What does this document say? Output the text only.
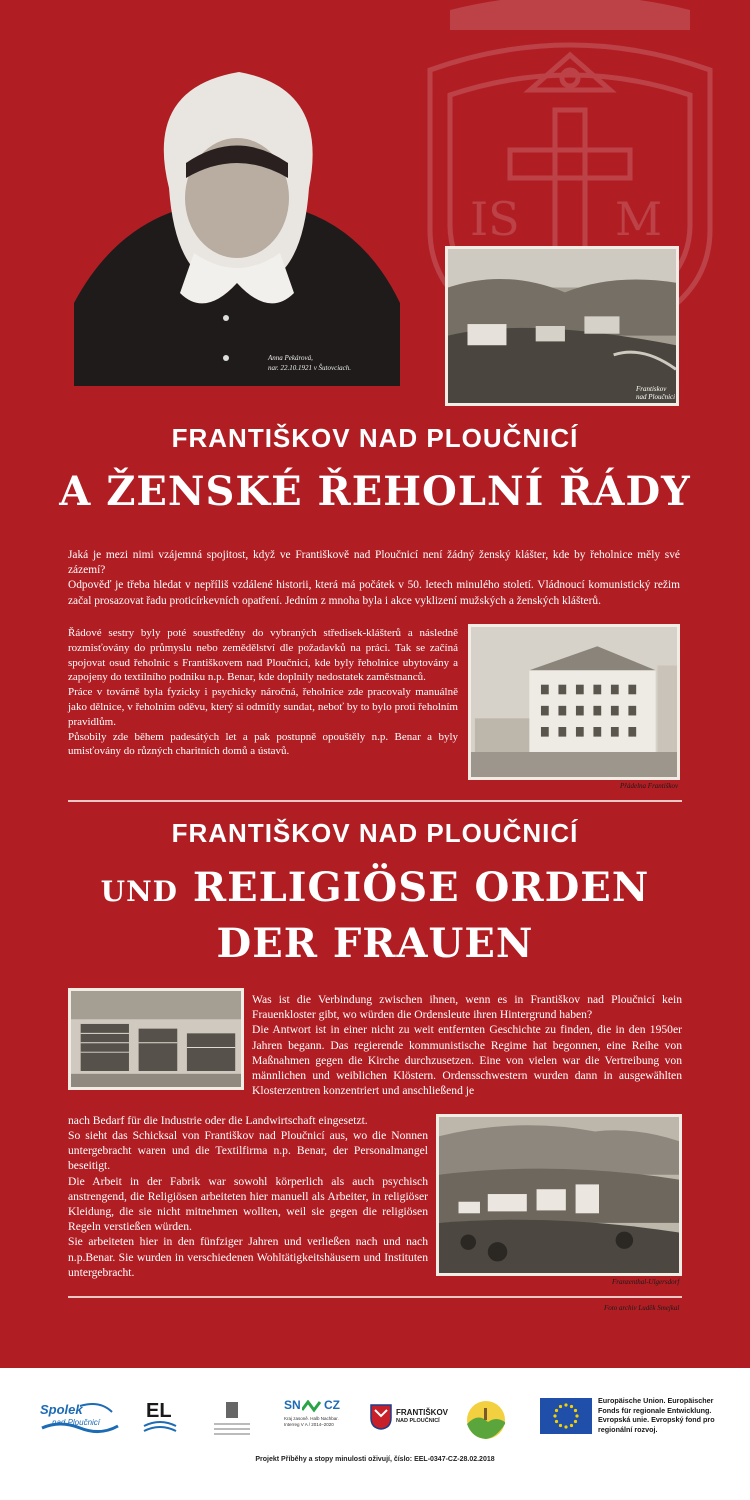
IS M
Anna Pekárová,
nar. 22.10.1921 v Šutovciach.
Frantiskov
nad Ploučnici
FRANTIŠKOV NAD PLOUČNICÍ
A ŽENSKÉ ŘEHOLNÍ ŘÁDY

Jaká je mezi nimi vzájemná spojitost, když ve Františkově nad Ploučnicí není žádný ženský klášter, kde by řeholnice měly své zázemí?

Odpověď je třeba hledat v nepříliš vzdálené historii, která má počátek v 50. letech minulého století. Vládnoucí komunistický režim začal prosazovat řadu proticírkevních opatření. Jedním z mnoha byla i akce vyklizení mužských a ženských klášterů.

Řádové sestry byly poté soustředěny do vybraných středisek-klášterů a následně rozmisťovány do průmyslu nebo zemědělství dle požadavků na práci. Tak se začíná spojovat osud řeholnic s Františkovem nad Ploučnicí, kde byly řeholnice ubytovány a zapojeny do textilního podniku n.p. Benar, kde doplnily nedostatek zaměstnanců.

Práce v továrně byla fyzicky i psychicky náročná, řeholnice zde pracovaly manuálně jako dělnice, v řeholním oděvu, který si odmítly sundat, neboť by to bylo proti řeholním pravidlům.

Působily zde během padesátých let a pak postupně opouštěly n.p. Benar a byly umisťovány do různých charitních domů a ústavů.

Přádelna Františkov
FRANTIŠKOV NAD PLOUČNICÍ
UND RELIGIÖSE ORDEN
DER FRAUEN

Was ist die Verbindung zwischen ihnen, wenn es in Františkov nad Ploučnicí kein Frauenkloster gibt, wo würden die Ordensleute ihren Hintergrund haben?

Die Antwort ist in einer nicht zu weit entfernten Geschichte zu finden, die in den 1950er Jahren begann. Das regierende kommunistische Regime hat begonnen, eine Reihe von Maßnahmen gegen die Kirche durchzusetzen. Eine von vielen war die Vertreibung von männlichen und weiblichen Klöstern. Ordensschwestern wurden dann in ausgewählten Klosterzentren konzentriert und anschließend je

nach Bedarf für die Industrie oder die Landwirtschaft eingesetzt.

So sieht das Schicksal von Františkov nad Ploučnicí aus, wo die Nonnen untergebracht waren und die Textilfirma n.p. Benar, der Personalmangel beseitigt.

Die Arbeit in der Fabrik war sowohl körperlich als auch psychisch anstrengend, die Religiösen arbeiteten hier manuell als Arbeiter, in religiöser Kleidung, die sie nicht mitnehmen wollten, weil sie gegen die religiösen Regeln verstießen würden.

Sie arbeiteten hier in den fünfziger Jahren und verließen nach und nach n.p.Benar. Sie wurden in verschiedenen Wohltätigkeitshäusern und Instituten untergebracht.

Franzenthal-Ulgersdorf
Foto archiv Luděk Smejkal
Spolek
nad Ploučnicí
EL	SN CZ
Kraj zasoně. Halb Nachbar. Interreg V A / 2014–2020
FRANTIŠKOV
NAD PLOUČNICÍ
Europäische Union. Europäischer Fonds für regionale Entwicklung. Evropská unie. Evropský fond pro regionální rozvoj.
Projekt Příběhy a stopy minulosti oživují, číslo: EEL-0347-CZ-28.02.2018
